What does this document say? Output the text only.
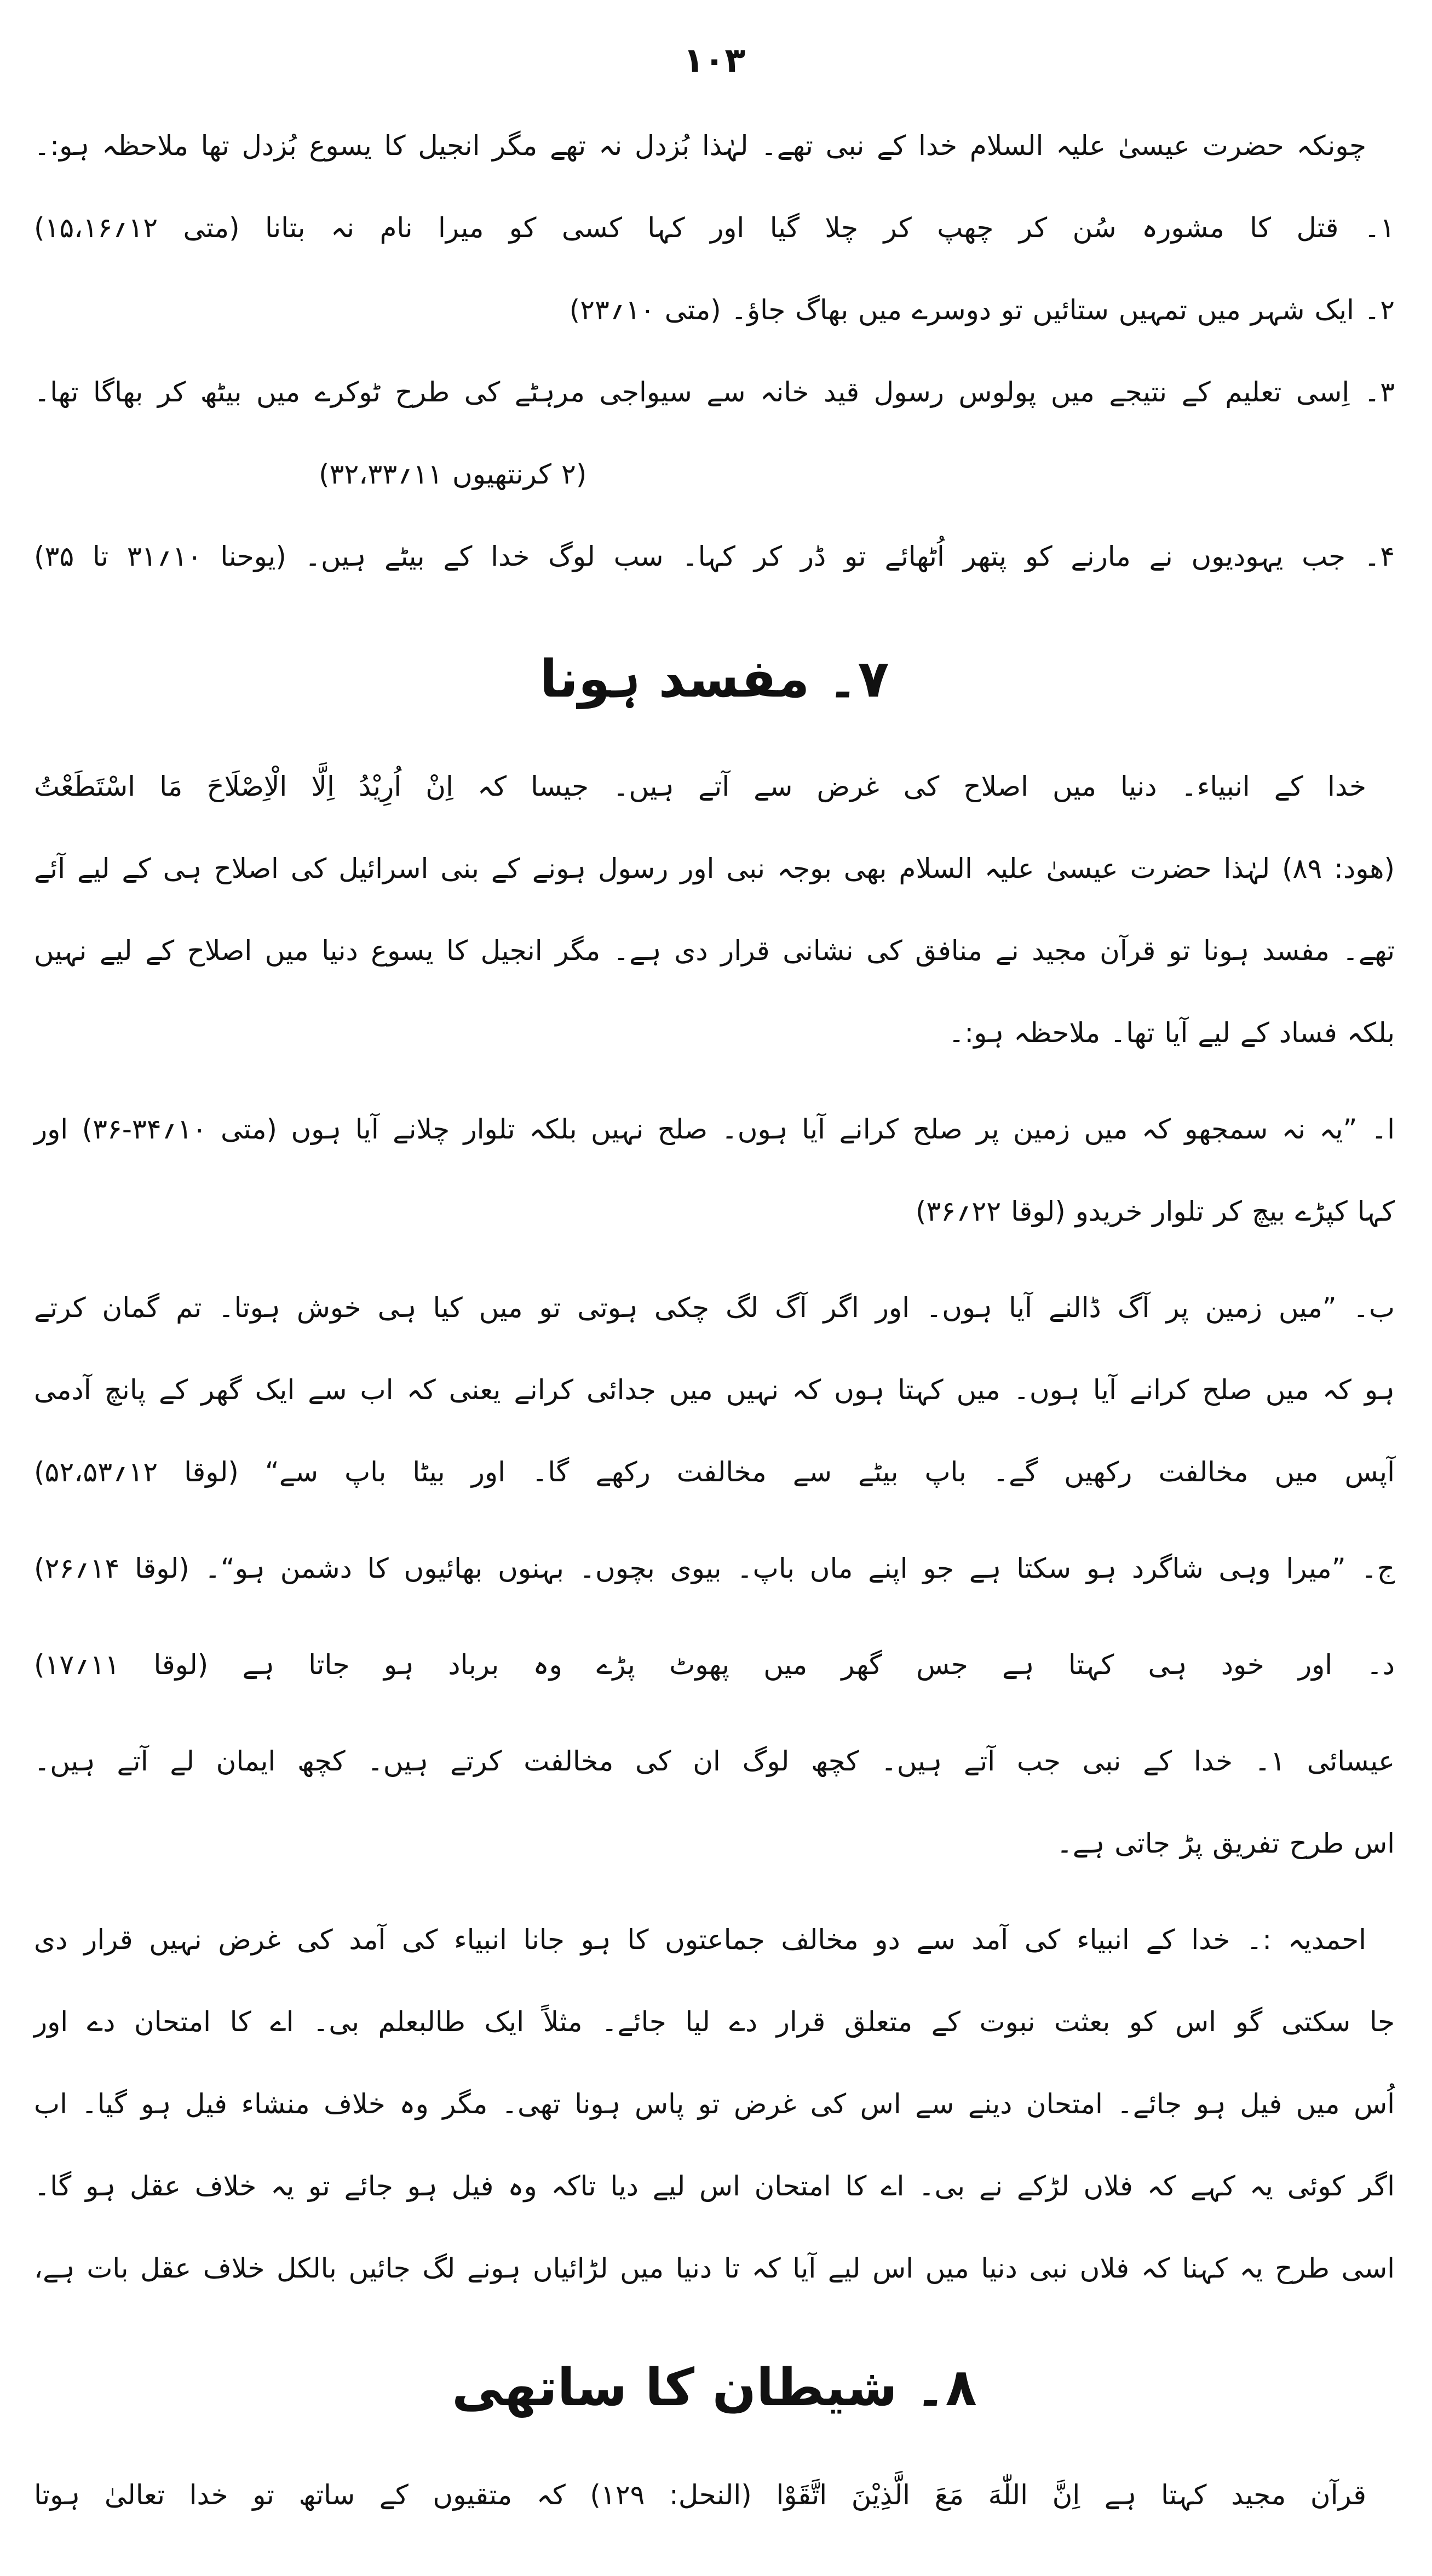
۱۰۳
چونکہ حضرت عیسیٰ علیہ السلام خدا کے نبی تھے۔ لہٰذا بُزدل نہ تھے مگر انجیل کا یسوع بُزدل تھا ملاحظہ ہو:۔
۱۔ قتل کا مشورہ سُن کر چھپ کر چلا گیا اور کہا کسی کو میرا نام نہ بتانا (متی ۱۲؍۱۵،۱۶)
۲۔ ایک شہر میں تمہیں ستائیں تو دوسرے میں بھاگ جاؤ۔ (متی ۱۰؍۲۳)
۳۔ اِسی تعلیم کے نتیجے میں پولوس رسول قید خانہ سے سیواجی مرہٹے کی طرح ٹوکرے میں بیٹھ کر بھاگا تھا۔
(۲ کرنتھیوں ۱۱؍۳۲،۳۳)
۴۔ جب یہودیوں نے مارنے کو پتھر اُٹھائے تو ڈر کر کہا۔ سب لوگ خدا کے بیٹے ہیں۔ (یوحنا ۱۰؍۳۱ تا ۳۵)
۷۔ مفسد ہونا
خدا کے انبیاء۔ دنیا میں اصلاح کی غرض سے آتے ہیں۔ جیسا کہ اِنْ اُرِیْدُ اِلَّا الْاِصْلَاحَ مَا اسْتَطَعْتُ
(هود: ۸۹) لہٰذا حضرت عیسیٰ علیہ السلام بھی بوجہ نبی اور رسول ہونے کے بنی اسرائیل کی اصلاح ہی کے لیے آئے
تھے۔ مفسد ہونا تو قرآن مجید نے منافق کی نشانی قرار دی ہے۔ مگر انجیل کا یسوع دنیا میں اصلاح کے لیے نہیں
بلکہ فساد کے لیے آیا تھا۔ ملاحظہ ہو:۔
ا۔ ”یہ نہ سمجھو کہ میں زمین پر صلح کرانے آیا ہوں۔ صلح نہیں بلکہ تلوار چلانے آیا ہوں (متی ۱۰؍۳۴-۳۶) اور
کہا کپڑے بیچ کر تلوار خریدو (لوقا ۲۲؍۳۶)
ب۔ ”میں زمین پر آگ ڈالنے آیا ہوں۔ اور اگر آگ لگ چکی ہوتی تو میں کیا ہی خوش ہوتا۔ تم گمان کرتے
ہو کہ میں صلح کرانے آیا ہوں۔ میں کہتا ہوں کہ نہیں میں جدائی کرانے یعنی کہ اب سے ایک گھر کے پانچ آدمی
آپس میں مخالفت رکھیں گے۔ باپ بیٹے سے مخالفت رکھے گا۔ اور بیٹا باپ سے“ (لوقا ۱۲؍۵۲،۵۳)
ج۔ ”میرا وہی شاگرد ہو سکتا ہے جو اپنے ماں باپ۔ بیوی بچوں۔ بہنوں بھائیوں کا دشمن ہو“۔ (لوقا ۱۴؍۲۶)
د۔ اور خود ہی کہتا ہے جس گھر میں پھوٹ پڑے وہ برباد ہو جاتا ہے (لوقا ۱۱؍۱۷)
عیسائی ۱۔ خدا کے نبی جب آتے ہیں۔ کچھ لوگ ان کی مخالفت کرتے ہیں۔ کچھ ایمان لے آتے ہیں۔
اس طرح تفریق پڑ جاتی ہے۔
احمدیہ :۔ خدا کے انبیاء کی آمد سے دو مخالف جماعتوں کا ہو جانا انبیاء کی آمد کی غرض نہیں قرار دی
جا سکتی گو اس کو بعثت نبوت کے متعلق قرار دے لیا جائے۔ مثلاً ایک طالبعلم بی۔ اے کا امتحان دے اور
اُس میں فیل ہو جائے۔ امتحان دینے سے اس کی غرض تو پاس ہونا تھی۔ مگر وہ خلاف منشاء فیل ہو گیا۔ اب
اگر کوئی یہ کہے کہ فلاں لڑکے نے بی۔ اے کا امتحان اس لیے دیا تاکہ وہ فیل ہو جائے تو یہ خلاف عقل ہو گا۔
اسی طرح یہ کہنا کہ فلاں نبی دنیا میں اس لیے آیا کہ تا دنیا میں لڑائیاں ہونے لگ جائیں بالکل خلاف عقل بات ہے،
۸۔ شیطان کا ساتھی
قرآن مجید کہتا ہے اِنَّ اللّٰهَ مَعَ الَّذِیْنَ اتَّقَوْا (النحل: ۱۲۹) کہ متقیوں کے ساتھ تو خدا تعالیٰ ہوتا
